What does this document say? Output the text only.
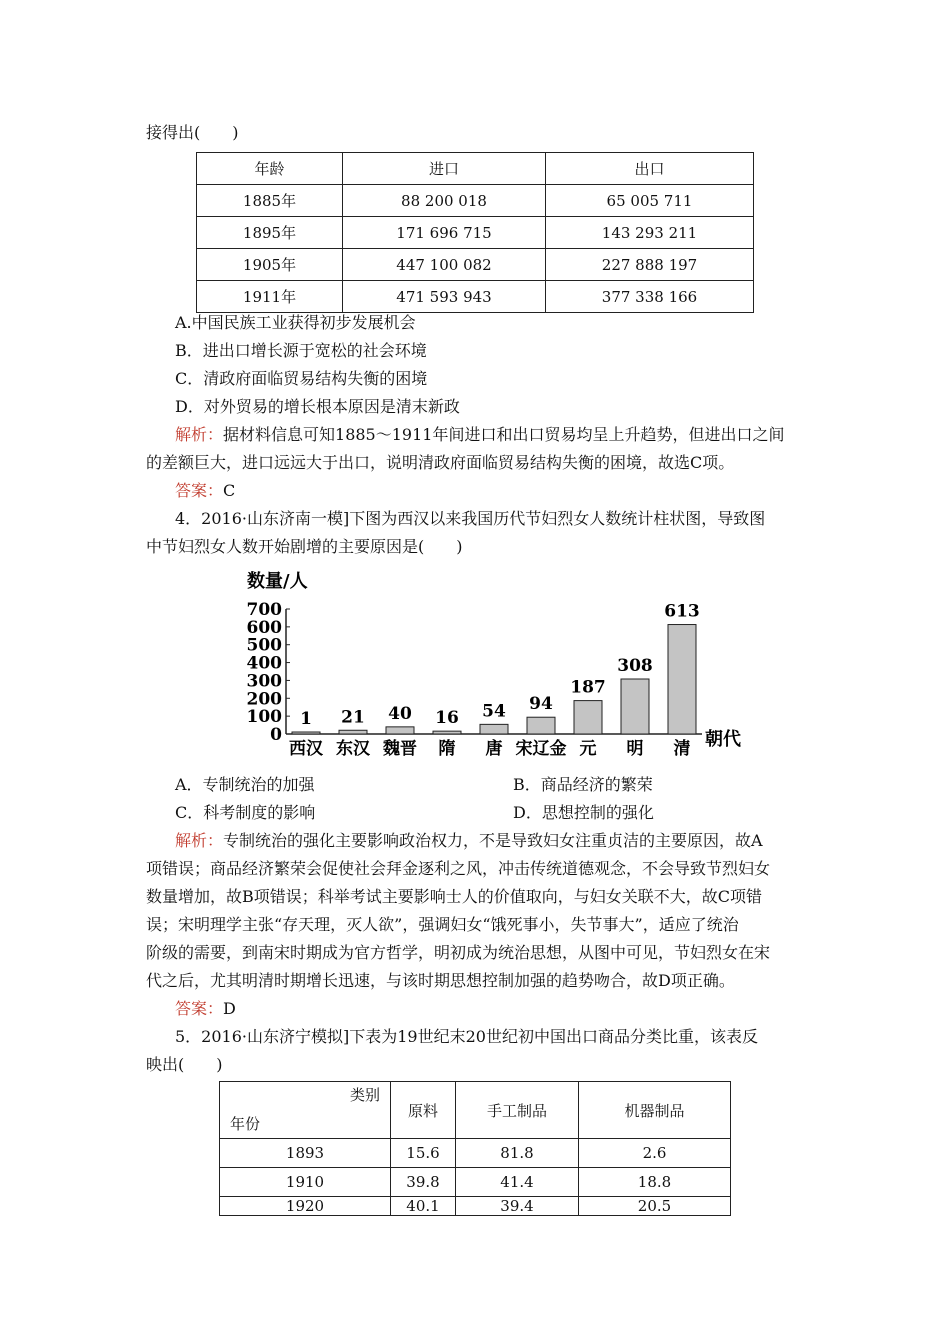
接得出(　　)
年龄	进口	出口
1885年	88 200 018	65 005 711
1895年	171 696 715	143 293 211
1905年	447 100 082	227 888 197
1911年	471 593 943	377 338 166
A.中国民族工业获得初步发展机会
B．进出口增长源于宽松的社会环境
C．清政府面临贸易结构失衡的困境
D．对外贸易的增长根本原因是清末新政
解析：据材料信息可知1885～1911年间进口和出口贸易均呈上升趋势，但进出口之间
的差额巨大，进口远远大于出口，说明清政府面临贸易结构失衡的困境，故选C项。
答案：C
4．2016·山东济南一模]下图为西汉以来我国历代节妇烈女人数统计柱状图，导致图
中节妇烈女人数开始剧增的主要原因是(　　)
数量/人
700
600
500
400
300
200
100
0
1
西汉
21
东汉
40
魏晋
16
隋
54
唐
94
宋辽金
187
元
308
明
613
清 朝代
A．专制统治的加强	B．商品经济的繁荣
C．科考制度的影响	D．思想控制的强化
解析：专制统治的强化主要影响政治权力，不是导致妇女注重贞洁的主要原因，故A
项错误；商品经济繁荣会促使社会拜金逐利之风，冲击传统道德观念，不会导致节烈妇女
数量增加，故B项错误；科举考试主要影响士人的价值取向，与妇女关联不大，故C项错
误；宋明理学主张“存天理，灭人欲”，强调妇女“饿死事小，失节事大”，适应了统治
阶级的需要，到南宋时期成为官方哲学，明初成为统治思想，从图中可见，节妇烈女在宋
代之后，尤其明清时期增长迅速，与该时期思想控制加强的趋势吻合，故D项正确。
答案：D
5．2016·山东济宁模拟]下表为19世纪末20世纪初中国出口商品分类比重，该表反
映出(　　)
类别
年份	原料	手工制品	机器制品
1893	15.6	81.8	2.6
1910	39.8	41.4	18.8
1920	40.1	39.4	20.5
